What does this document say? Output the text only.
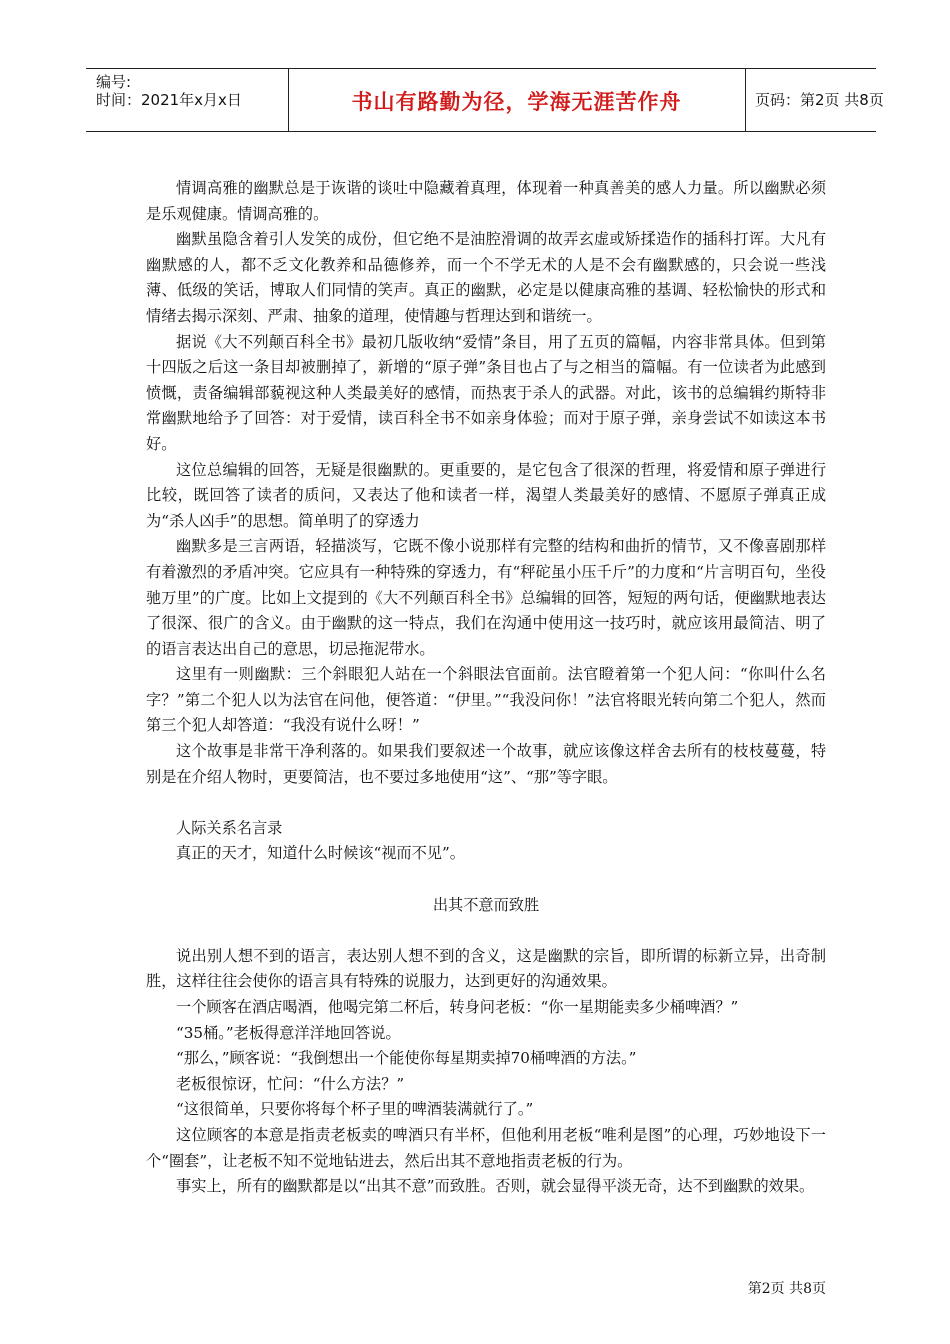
编号:
时间：2021年x月x日	书山有路勤为径，学海无涯苦作舟	页码：第2页 共8页

情调高雅的幽默总是于诙谐的谈吐中隐藏着真理，体现着一种真善美的感人力量。所以幽默必须是乐观健康。情调高雅的。

幽默虽隐含着引人发笑的成份，但它绝不是油腔滑调的故弄玄虚或矫揉造作的插科打诨。大凡有幽默感的人，都不乏文化教养和品德修养，而一个不学无术的人是不会有幽默感的，只会说一些浅薄、低级的笑话，博取人们同情的笑声。真正的幽默，必定是以健康高雅的基调、轻松愉快的形式和情绪去揭示深刻、严肃、抽象的道理，使情趣与哲理达到和谐统一。

据说《大不列颠百科全书》最初几版收纳“爱情”条目，用了五页的篇幅，内容非常具体。但到第十四版之后这一条目却被删掉了，新增的“原子弹”条目也占了与之相当的篇幅。有一位读者为此感到愤慨，责备编辑部藐视这种人类最美好的感情，而热衷于杀人的武器。对此，该书的总编辑约斯特非常幽默地给予了回答：对于爱情，读百科全书不如亲身体验；而对于原子弹，亲身尝试不如读这本书好。

这位总编辑的回答，无疑是很幽默的。更重要的，是它包含了很深的哲理，将爱情和原子弹进行比较，既回答了读者的质问，又表达了他和读者一样，渴望人类最美好的感情、不愿原子弹真正成为“杀人凶手”的思想。简单明了的穿透力

幽默多是三言两语，轻描淡写，它既不像小说那样有完整的结构和曲折的情节，又不像喜剧那样有着激烈的矛盾冲突。它应具有一种特殊的穿透力，有“秤砣虽小压千斤”的力度和“片言明百句，坐役驰万里”的广度。比如上文提到的《大不列颠百科全书》总编辑的回答，短短的两句话，便幽默地表达了很深、很广的含义。由于幽默的这一特点，我们在沟通中使用这一技巧时，就应该用最简洁、明了的语言表达出自己的意思，切忌拖泥带水。

这里有一则幽默：三个斜眼犯人站在一个斜眼法官面前。法官瞪着第一个犯人问：“你叫什么名字？”第二个犯人以为法官在问他，便答道：“伊里。”“我没问你！”法官将眼光转向第二个犯人，然而第三个犯人却答道：“我没有说什么呀！”

这个故事是非常干净利落的。如果我们要叙述一个故事，就应该像这样舍去所有的枝枝蔓蔓，特别是在介绍人物时，更要简洁，也不要过多地使用“这”、“那”等字眼。

人际关系名言录

真正的天才，知道什么时候该“视而不见”。

出其不意而致胜

说出别人想不到的语言，表达别人想不到的含义，这是幽默的宗旨，即所谓的标新立异，出奇制胜，这样往往会使你的语言具有特殊的说服力，达到更好的沟通效果。

一个顾客在酒店喝酒，他喝完第二杯后，转身问老板：“你一星期能卖多少桶啤酒？”

“35桶。”老板得意洋洋地回答说。

“那么，”顾客说：“我倒想出一个能使你每星期卖掉70桶啤酒的方法。”

老板很惊讶，忙问：“什么方法？”

“这很简单，只要你将每个杯子里的啤酒装满就行了。”

这位顾客的本意是指责老板卖的啤酒只有半杯，但他利用老板“唯利是图”的心理，巧妙地设下一个“圈套”，让老板不知不觉地钻进去，然后出其不意地指责老板的行为。

事实上，所有的幽默都是以“出其不意”而致胜。否则，就会显得平淡无奇，达不到幽默的效果。

第2页 共8页
